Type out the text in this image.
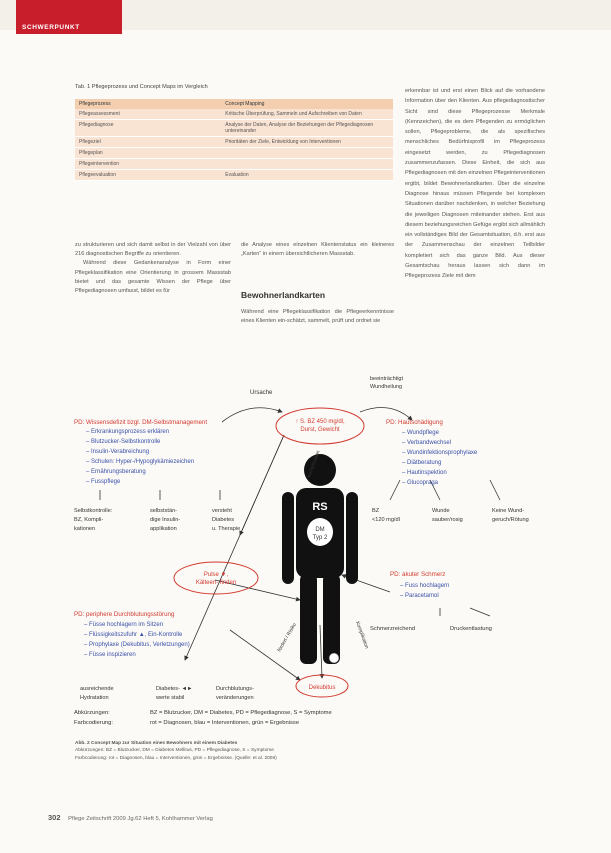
SCHWERPUNKT
Tab. 1 Pflegeprozess und Concept Maps im Vergleich
Pflegeprozess	Concept Mapping
Pflegeassessment	Kritische Überprüfung, Sammeln und Aufschreiben von Daten
Pflegediagnose	Analyse der Daten, Analyse der Beziehungen der Pflegediagnosen untereinander
Pflegeziel	Prioritäten der Ziele, Entwicklung von Interventionen
Pflegeplan	
Pflegeintervention	
Pflegeevaluation	Evaluation

zu strukturieren und sich damit selbst in der Vielzahl von über 216 diagnostischen Begriffe zu orientieren.

Während diese Gedankenanalyse in Form einer Pflegeklassifikation eine Orientierung in grossem Massstab bietet und das gesamte Wissen der Pflege über Pflegediagnosen umfasst, bildet es für

die Analyse eines einzelnen Klientenstatus ein kleineres „Karten“ in einem übersichtlicheren Massstab.
Bewohnerlandkarten
Während eine Pflegeklassifikation die Pflegeerkenntnisse eines Klienten ein-schätzt, sammelt, prüft und ordnet sie
erkennbar ist und erst einen Blick auf die vorhandene Information über den Klienten. Aus pflegediagnostischer Sicht sind diese Pflegeprozesse Merkmale (Kennzeichen), die es dem Pflegenden zu ermöglichen sollen, Pflegeprobleme, die als spezifisches menschliches Bedürfnisprofil im Pflegeprozess eingesetzt werden, zu Pflegediagnosen zusammenzufassen. Diese Einheit, die sich aus Pflegediagnosen mit den einzelnen Pflegeinterventionen ergibt, bildet Bewohnerlandkarten. Über die einzelne Diagnose hinaus müssen Pflegende bei komplexen Situationen darüber nachdenken, in welcher Beziehung die jeweiligen Diagnosen miteinander stehen. Erst aus diesem beziehungsreichen Gefüge ergibt sich allmählich ein vollständiges Bild der Gesamtsituation, d.h. erst aus der Zusammenschau der einzelnen Teilbilder kompletiert sich das ganze Bild. Aus dieser Gesamtschau heraus lassen sich dann im Pflegeprozess Ziele mit dem
RS
DM
Typ 2
↑ S. BZ 450 mg/dl,
Durst, Gewicht
Ursache
beeinträchtigt
Wundheilung
Komplikation
Komplikation
fördert / Risiko
PD: Wissensdefizit bzgl. DM-Selbstmanagement
– Erkrankungsprozess erklären
– Blutzucker-Selbstkontrolle
– Insulin-Verabreichung
– Schulen: Hyper-/Hypoglykämiezeichen
– Ernährungsberatung
– Fusspflege
Selbstkontrolle:
BZ, Kompli-
kationen
selbststän-
dige Insulin-
applikation
versteht
Diabetes
u. Therapie
PD: Hautschädigung
– Wundpflege
– Verbandwechsel
– Wundinfektionsprophylaxe
– Diätberatung
– Hautinspektion
– Glucopraga
BZ
<120 mg/dl
Wunde
sauber/rosig
Keine Wund-
geruch/Rötung
Pulse ▼,
Kälteen- finden
PD: periphere Durchblutungsstörung
– Füsse hochlagern im Sitzen
– Flüssigkeitszufuhr ▲, Ein-Kontrolle
– Prophylaxe (Dekubitus, Verletzungen)
– Füsse inspizieren
ausreichende
Hydratation
Diabetes- ◄►
werte stabil
Durchblutungs-
veränderungen
PD: akuter Schmerz
– Fuss hochlagern
– Paracetamol
Schmerzreichend	Druckentlastung
Dekubitus
Abkürzungen:	BZ = Blutzucker, DM = Diabetes, PD = Pflegediagnose, S = Symptome
Farbcodierung:	rot = Diagnosen, blau = Interventionen, grün = Ergebnisse
Abb. 2 Concept Map zur Situation eines Bewohners mit einem Diabetes
Abkürzungen: BZ = Blutzucker, DM = Diabetes Mellitus, PD = Pflegediagnose, S = Symptome
Farbcodierung: rot = Diagnosen, blau = Interventionen, grün = Ergebnisse. (Quelle: et al. 2008)
302 Pflege Zeitschrift 2009 Jg.62 Heft 5, Kohlhammer Verlag
